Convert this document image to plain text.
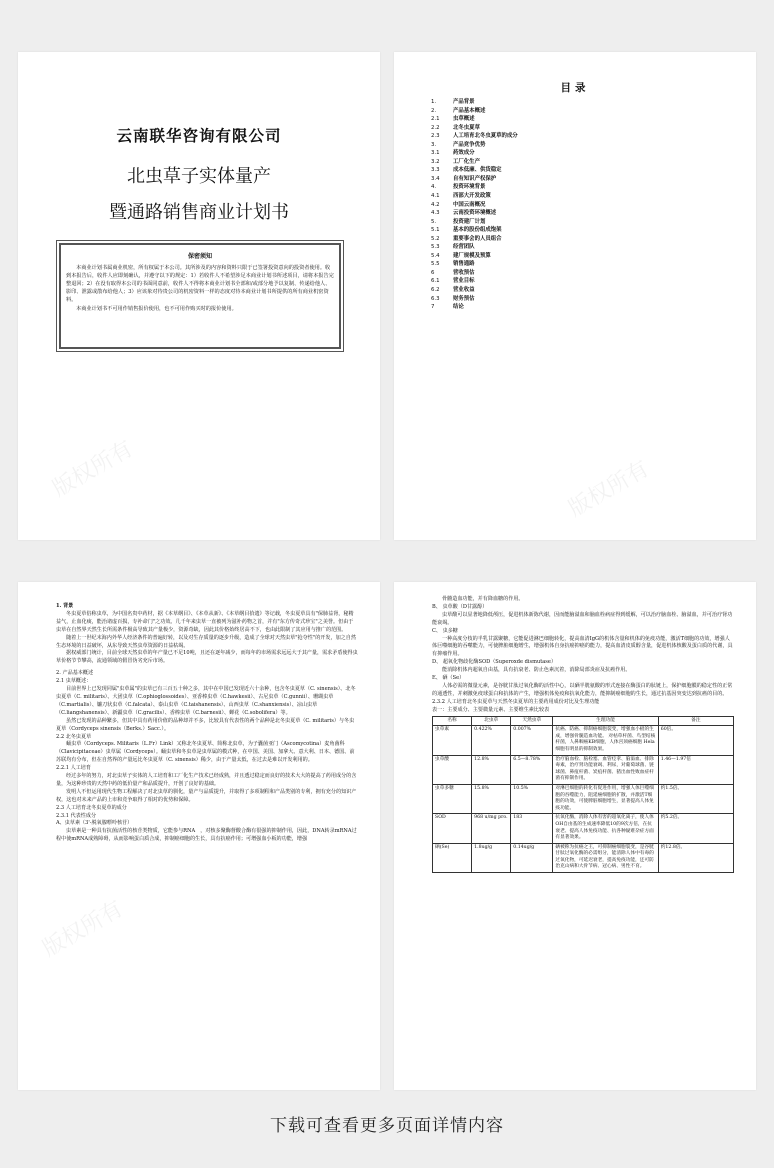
云南联华咨询有限公司
北虫草子实体量产
暨通路销售商业计划书
保密须知
本商业计划书属商业机密，所有权属于本公司。其所涉及的内容和资料只限于已签署投资意向的投资者使用。收到本报告后，收件人应即刻确认，并遵守以下的规定：1）若收件人不希望涉足本商业计划书所述项目，请将本报告完整退回；2）在没有取得本公司的书面同意前，收件人不得将本商业计划书全部和/或部分地予以复制、传递给他人、影印、泄露或散布给他人；3）应该象对待贵公司的机密资料一样的态度对待本商业计划书所提供的所有商业机密资料。
本商业计划书不可用作销售报价使用，也不可用作购买时的报价使用。
版权所有
目录
1.	产品背景
2.	产品基本概述
2.1 虫草概述
2.2 北冬虫夏草
2.3 人工培育北冬虫夏草的成分
3.	产品竞争优势
3.1 药效成分
3.2 工厂化生产
3.3 成本低廉、供货稳定
3.4 自有知识产权保护
4.	投资环境背景
4.1 西部大开发政策
4.2 中国云南概况
4.3 云南投资环境概述
5.	投资建厂计划
5.1 基本的股份组成饱架
5.2 重要事会的人员组合
5.3 经营团队
5.4 建厂规模及预算
5.5 销售通路
6	营收预估
6.1 营业目标
6.2 营业收益
6.3 财务预估
7	结论
版权所有

1. 背景

冬虫夏草俗称虫草，为中国名贵中药材，据《本草纲目》、《本草从新》、《本草纲目拾遗》等记载，冬虫夏草具有"保肺益肾，秘精益气，止血化痰，能治诸虚百损，专补命门"之功效。几千年来虫草一直被列为滋补药物之首，并有"东方传奇式珍宝"之美誉。但由于虫草在自然界天然生长所需条件极高导致其产量极少，资源奇缺，因此其价格始终居高不下，也由此限制了其应用与推广的范围。

随着上一世纪末海内外华人经济条件的普遍好转，以及对生存质量的逐步升级，造成了全球对天然虫草"抢夺性"的开发，加之自然生态环境的日益破坏，从东导致天然虫草资源的日益枯竭。

据权威部门统计，目前全球天然虫草的年产量已不足10吨，且还在逐年减少，而每年的市场需求远远大于其产量，需求矛盾使得虫草价格节节攀高，流通领域的假冒伪劣充斥市场。

2. 产品基本概述

2.1 虫草概述：

目前世界上已发现同属"虫草属"的虫草已有三百五十种之多，其中在中国已发现近六十余种，包含冬虫夏草（C. sinensis）、北冬虫夏草（C. militaris）、大团虫草（C.ophioglossoides）、亚香棒虫草（C.hawkesii）、古尼虫草（C.gunnii）、珊瑚虫草（C.martialis）、镰刀状虫草（C.falcata）、泰山虫草（C.taishanensis）、山西虫草（C.shanxiensis）、凉山虫草（C.liangshanensis）、新疆虫草（C.gracilis）、香棒虫草（C.barnesii）、蝉花（C.sobolifera）等。

虽然已发现的品种繁多，但其中具有药用价值的品种却并不多，比较具有代表性的两个品种是北冬虫夏草（C. militaris）与冬虫夏草（Cordyceps sinensis（Berks.）Sacc.）。

2.2 北冬虫夏草

蛹虫草（Cordyceps. Militaris（L.Fr）Link）又称北冬虫夏草、简称北虫草，为子囊菌亚门（Ascomycotina）麦角菌科（Clavicipitaceae）虫草属（Cordyceps）。蛹虫草和冬虫草是虫草属的模式种，在中国、美国、加拿大、意大利、日本、德国、前苏联均有分布，但在自然界的产量远比冬虫夏草（C. sinensis）稀少，由于产量太低，在过去是难以开发利用的。

2.2.1 人工培育

经过多年的努力，对北虫草子实体的人工培育和工厂化生产技术已经成熟，并且透过稳定而良好的技术大大的提高了药用成分的含量，为这种珍贵的天然中药的低价量产和品质提升，开创了良好的基础。

发明人不但运用现代生物工程解决了对北虫草的驯化，量产与品质提升，并取得了多项制程和产品类别的专利，拥有充分的知识产权，这也对未来产品的上市和竞争取得了相对的优势和保障。

2.3 人工培育北冬虫夏草的成分

2.3.1 代表性成分

A、虫草素（3'-脱氧腺嘌呤核苷）

虫草素是一种具有抗菌活性的核苷类物质，它能参与RNA　，对核多聚酶督酸合酶有很强的抑制作用，因此，DNA转录mRNA过程中使mRNA成熟障碍，从而影响蛋白质合成，抑制癌细胞的生长，具有抗癌作用；可增强血小板的功能，增强

版权所有

骨髓造血功能，并有降血糖的作用。

B、 虫草酸（D甘露醇）

虫草酸可以显著地降低颅压，促进机体新陈代谢，因而能脑溢血和脑血栓病症得到缓解，可以治疗脑血栓、脑溢血，并可治疗肾功能衰竭。

C、 虫多糖

一种高度分枝的半乳甘露聚糖，它能促进淋巴细胞转化，提高血清IgG的机体含量和机体的免疫功能，激活T细胞的功效，增强人体巨噬细胞的吞噬能力，可使脾脏细胞增生，增强机体自身抗癌抑癌的能力，提高血清皮质醇含量，促进机体核酸及蛋白质的代谢，具有抑瘤作用。

D、 超氧化物歧化酶SOD（Superoxde dismutase）

能消除机体内超氧自由基，具有抗衰老、防止色素沉着，消除局部炎症及抗癌作用。

E、 硒（Se）

人体必需的微量元素，是谷胱甘肽过氧化酶的活性中心，以硒半胱氨酸的形式连接在酶蛋白的肽链上，保护细胞膜的稳定性的正常的通透性，并刺激免疫球蛋白和抗体的产生，增强机体免疫和抗氧化能力，能抑制癌细胞的生长，通过抗基因突变达到抗癌的目的。

2.3.2 人工培育北冬虫夏草与天然冬虫夏草的主要药用成份对比及生理功能

表一：主要成分、主要微量元素、主要维生素比较表

名称	北虫草	天然虫草	生理功能	备注
虫草素	0.422%	0.007%	抗癌、防癌、抑制癌细胞裂变，增强血小板的生成，增强骨髓造血功能。 对枯草杆菌、鸟型结核杆菌，人鼻咽癌KB细胞，人体宫颈癌细胞 Hela细胞有明显的抑制效果。	60倍。
虫草酸	12.8%	6.5—8.78%	治疗脑血栓、脑栓塞、血管痉挛、脑溢血、排除毒素，治疗肾功能衰竭、利尿，对葡萄球菌、链球菌、鼻疽杆菌、炭疽杆菌、猪出血性败血症杆菌有抑制作用。	1.46—1.97倍
虫草多糖	15.8%	10.5%	对淋巴细胞的转化有促进作用，增强人体巨噬细胞的吞噬能力，阻延癌细胞的扩散，并激活T细胞的功效，可使脾脏细胞增生，显著提高人体免疫功能。	约1.5倍。
SOD	968 u/mg pro.	183	抗氧化酶，消除人体有害的超氧化离子，使人体OH自由基的生成速率降低10的9次方倍，在抗衰老、提高人体免疫功能、抗各种疑难杂症方面有显著效果。	约5.2倍。
硒(Se)	1.8ug/g	0.14ug/g	硒被称为抗癌之王，可抑制癌细胞裂变，是谷胱甘肽过氧化酶的必需组分，能清除人体中有毒的过氧化物，可延迟衰老，提高免疫功能，还可防治克山病和大骨节病、冠心病、男性不育。	约12.8倍。
下载可查看更多页面详情内容
